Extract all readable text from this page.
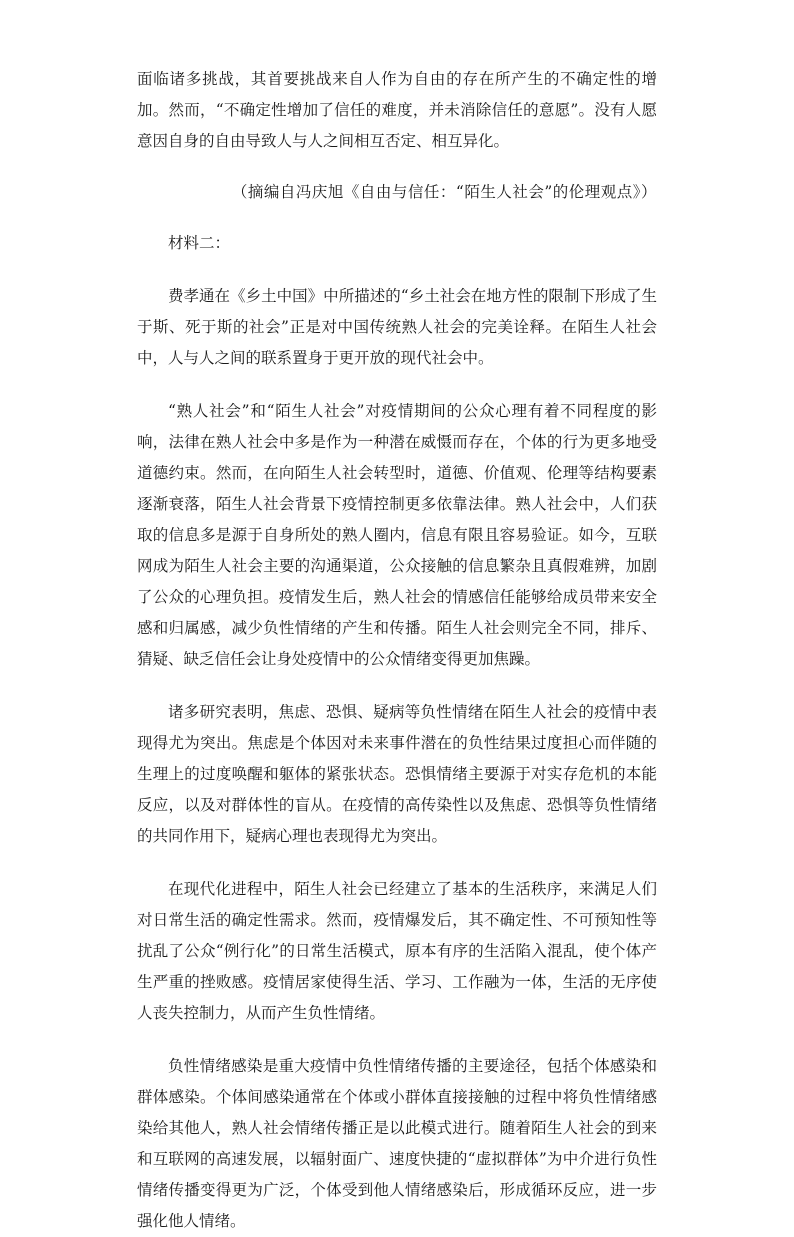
面临诸多挑战，其首要挑战来自人作为自由的存在所产生的不确定性的增加。然而，“不确定性增加了信任的难度，并未消除信任的意愿”。没有人愿意因自身的自由导致人与人之间相互否定、相互异化。

（摘编自冯庆旭《自由与信任：“陌生人社会”的伦理观点》）

材料二：

费孝通在《乡土中国》中所描述的“乡土社会在地方性的限制下形成了生于斯、死于斯的社会”正是对中国传统熟人社会的完美诠释。在陌生人社会中，人与人之间的联系置身于更开放的现代社会中。

“熟人社会”和“陌生人社会”对疫情期间的公众心理有着不同程度的影响，法律在熟人社会中多是作为一种潜在威慑而存在，个体的行为更多地受道德约束。然而，在向陌生人社会转型时，道德、价值观、伦理等结构要素逐渐衰落，陌生人社会背景下疫情控制更多依靠法律。熟人社会中，人们获取的信息多是源于自身所处的熟人圈内，信息有限且容易验证。如今，互联网成为陌生人社会主要的沟通渠道，公众接触的信息繁杂且真假难辨，加剧了公众的心理负担。疫情发生后，熟人社会的情感信任能够给成员带来安全感和归属感，减少负性情绪的产生和传播。陌生人社会则完全不同，排斥、猜疑、缺乏信任会让身处疫情中的公众情绪变得更加焦躁。

诸多研究表明，焦虑、恐惧、疑病等负性情绪在陌生人社会的疫情中表现得尤为突出。焦虑是个体因对未来事件潜在的负性结果过度担心而伴随的生理上的过度唤醒和躯体的紧张状态。恐惧情绪主要源于对实存危机的本能反应，以及对群体性的盲从。在疫情的高传染性以及焦虑、恐惧等负性情绪的共同作用下，疑病心理也表现得尤为突出。

在现代化进程中，陌生人社会已经建立了基本的生活秩序，来满足人们对日常生活的确定性需求。然而，疫情爆发后，其不确定性、不可预知性等扰乱了公众“例行化”的日常生活模式，原本有序的生活陷入混乱，使个体产生严重的挫败感。疫情居家使得生活、学习、工作融为一体，生活的无序使人丧失控制力，从而产生负性情绪。

负性情绪感染是重大疫情中负性情绪传播的主要途径，包括个体感染和群体感染。个体间感染通常在个体或小群体直接接触的过程中将负性情绪感染给其他人，熟人社会情绪传播正是以此模式进行。随着陌生人社会的到来和互联网的高速发展，以辐射面广、速度快捷的“虚拟群体”为中介进行负性情绪传播变得更为广泛，个体受到他人情绪感染后，形成循环反应，进一步强化他人情绪。
